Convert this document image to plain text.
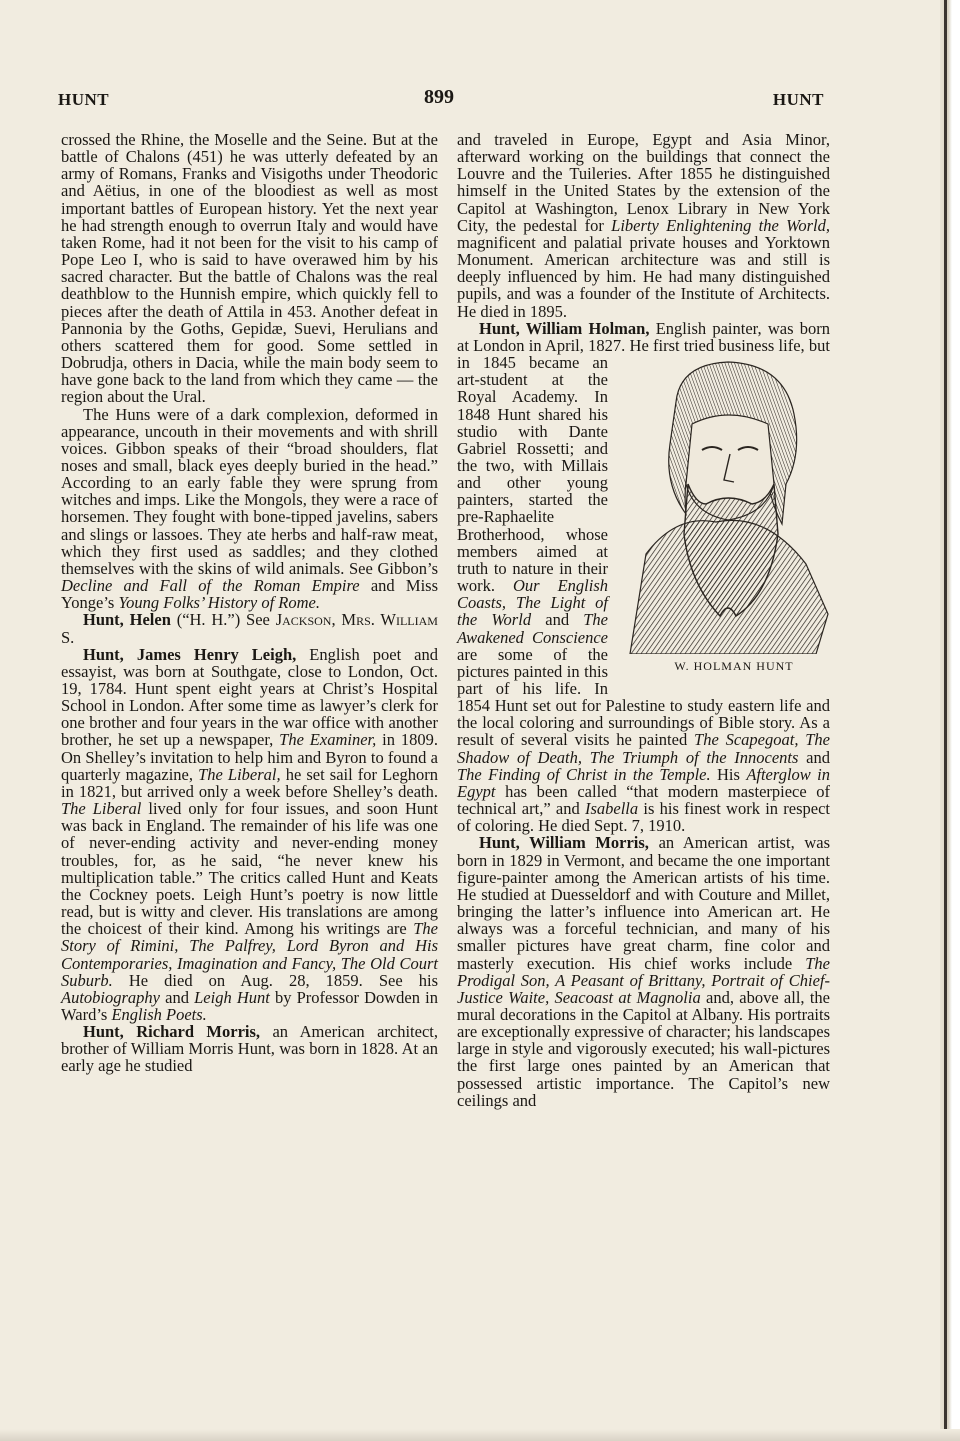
HUNT	899	HUNT

crossed the Rhine, the Moselle and the Seine. But at the battle of Chalons (451) he was utterly defeated by an army of Romans, Franks and Visigoths under Theodoric and Aëtius, in one of the bloodiest as well as most important battles of European history. Yet the next year he had strength enough to overrun Italy and would have taken Rome, had it not been for the visit to his camp of Pope Leo I, who is said to have overawed him by his sacred character. But the battle of Chalons was the real deathblow to the Hunnish empire, which quickly fell to pieces after the death of Attila in 453. Another defeat in Pannonia by the Goths, Gepidæ, Suevi, Herulians and others scattered them for good. Some settled in Dobrudja, others in Dacia, while the main body seem to have gone back to the land from which they came — the region about the Ural.

The Huns were of a dark complexion, deformed in appearance, uncouth in their movements and with shrill voices. Gibbon speaks of their “broad shoulders, flat noses and small, black eyes deeply buried in the head.” According to an early fable they were sprung from witches and imps. Like the Mongols, they were a race of horsemen. They fought with bone-tipped javelins, sabers and slings or lassoes. They ate herbs and half-raw meat, which they first used as saddles; and they clothed themselves with the skins of wild animals. See Gibbon’s Decline and Fall of the Roman Empire and Miss Yonge’s Young Folks’ History of Rome.

Hunt, Helen (“H. H.”) See Jackson, Mrs. William S.

Hunt, James Henry Leigh, English poet and essayist, was born at Southgate, close to London, Oct. 19, 1784. Hunt spent eight years at Christ’s Hospital School in London. After some time as lawyer’s clerk for one brother and four years in the war office with another brother, he set up a newspaper, The Examiner, in 1809. On Shelley’s invitation to help him and Byron to found a quarterly magazine, The Liberal, he set sail for Leghorn in 1821, but arrived only a week before Shelley’s death. The Liberal lived only for four issues, and soon Hunt was back in England. The remainder of his life was one of never-ending activity and never-ending money troubles, for, as he said, “he never knew his multiplication table.” The critics called Hunt and Keats the Cockney poets. Leigh Hunt’s poetry is now little read, but is witty and clever. His translations are among the choicest of their kind. Among his writings are The Story of Rimini, The Palfrey, Lord Byron and His Contemporaries, Imagination and Fancy, The Old Court Suburb. He died on Aug. 28, 1859. See his Autobiography and Leigh Hunt by Professor Dowden in Ward’s English Poets.

Hunt, Richard Morris, an American architect, brother of William Morris Hunt, was born in 1828. At an early age he studied

and traveled in Europe, Egypt and Asia Minor, afterward working on the buildings that connect the Louvre and the Tuileries. After 1855 he distinguished himself in the United States by the extension of the Capitol at Washington, Lenox Library in New York City, the pedestal for Liberty Enlightening the World, magnificent and palatial private houses and Yorktown Monument. American architecture was and still is deeply influenced by him. He had many distinguished pupils, and was a founder of the Institute of Architects. He died in 1895.

Hunt, William Holman, English painter, was born at London in April, 1827. He first
W. HOLMAN HUNT
tried business life, but in 1845 became an art-student at the Royal Academy. In 1848 Hunt shared his studio with Dante Gabriel Rossetti; and the two, with Millais and other young painters, started the pre-Raphaelite Brotherhood, whose members aimed at truth to nature in their work. Our English Coasts, The Light of the World and The Awakened Conscience are some of the pictures painted in this part of his life. In 1854 Hunt set out for Palestine to study eastern life and the local coloring and surroundings of Bible story. As a result of several visits he painted The Scapegoat, The Shadow of Death, The Triumph of the Innocents and The Finding of Christ in the Temple. His Afterglow in Egypt has been called “that modern masterpiece of technical art,” and Isabella is his finest work in respect of coloring. He died Sept. 7, 1910.

Hunt, William Morris, an American artist, was born in 1829 in Vermont, and became the one important figure-painter among the American artists of his time. He studied at Duesseldorf and with Couture and Millet, bringing the latter’s influence into American art. He always was a forceful technician, and many of his smaller pictures have great charm, fine color and masterly execution. His chief works include The Prodigal Son, A Peasant of Brittany, Portrait of Chief-Justice Waite, Seacoast at Magnolia and, above all, the mural decorations in the Capitol at Albany. His portraits are exceptionally expressive of character; his landscapes large in style and vigorously executed; his wall-pictures the first large ones painted by an American that possessed artistic importance. The Capitol’s new ceilings and
